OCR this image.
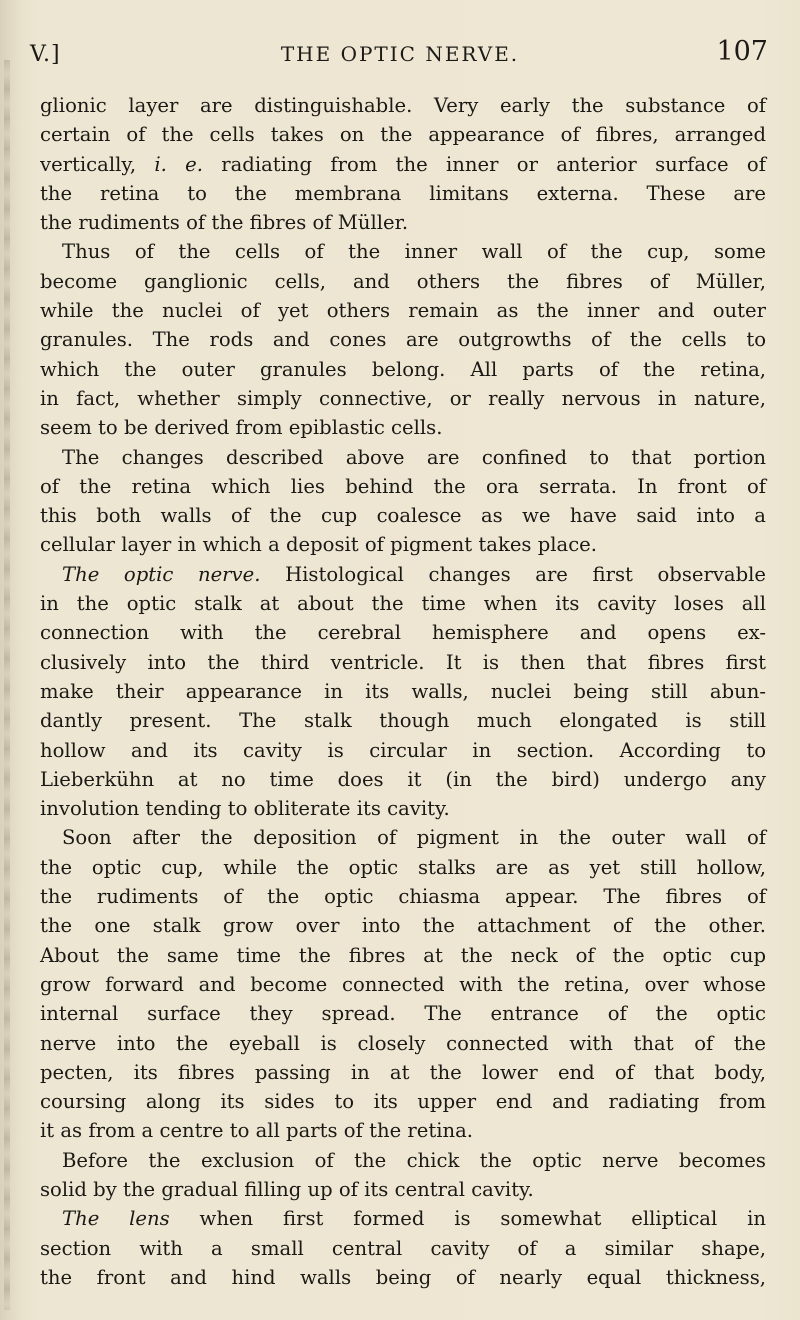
V.]	THE OPTIC NERVE.	107
glionic layer are distinguishable. Very early the substance of
certain of the cells takes on the appearance of fibres, arranged
vertically, i. e. radiating from the inner or anterior surface of
the retina to the membrana limitans externa. These are
the rudiments of the fibres of Müller.
Thus of the cells of the inner wall of the cup, some
become ganglionic cells, and others the fibres of Müller,
while the nuclei of yet others remain as the inner and outer
granules. The rods and cones are outgrowths of the cells to
which the outer granules belong. All parts of the retina,
in fact, whether simply connective, or really nervous in nature,
seem to be derived from epiblastic cells.
The changes described above are confined to that portion
of the retina which lies behind the ora serrata. In front of
this both walls of the cup coalesce as we have said into a
cellular layer in which a deposit of pigment takes place.
The optic nerve. Histological changes are first observable
in the optic stalk at about the time when its cavity loses all
connection with the cerebral hemisphere and opens ex-
clusively into the third ventricle. It is then that fibres first
make their appearance in its walls, nuclei being still abun-
dantly present. The stalk though much elongated is still
hollow and its cavity is circular in section. According to
Lieberkühn at no time does it (in the bird) undergo any
involution tending to obliterate its cavity.
Soon after the deposition of pigment in the outer wall of
the optic cup, while the optic stalks are as yet still hollow,
the rudiments of the optic chiasma appear. The fibres of
the one stalk grow over into the attachment of the other.
About the same time the fibres at the neck of the optic cup
grow forward and become connected with the retina, over whose
internal surface they spread. The entrance of the optic
nerve into the eyeball is closely connected with that of the
pecten, its fibres passing in at the lower end of that body,
coursing along its sides to its upper end and radiating from
it as from a centre to all parts of the retina.
Before the exclusion of the chick the optic nerve becomes
solid by the gradual filling up of its central cavity.
The lens when first formed is somewhat elliptical in
section with a small central cavity of a similar shape,
the front and hind walls being of nearly equal thickness,
